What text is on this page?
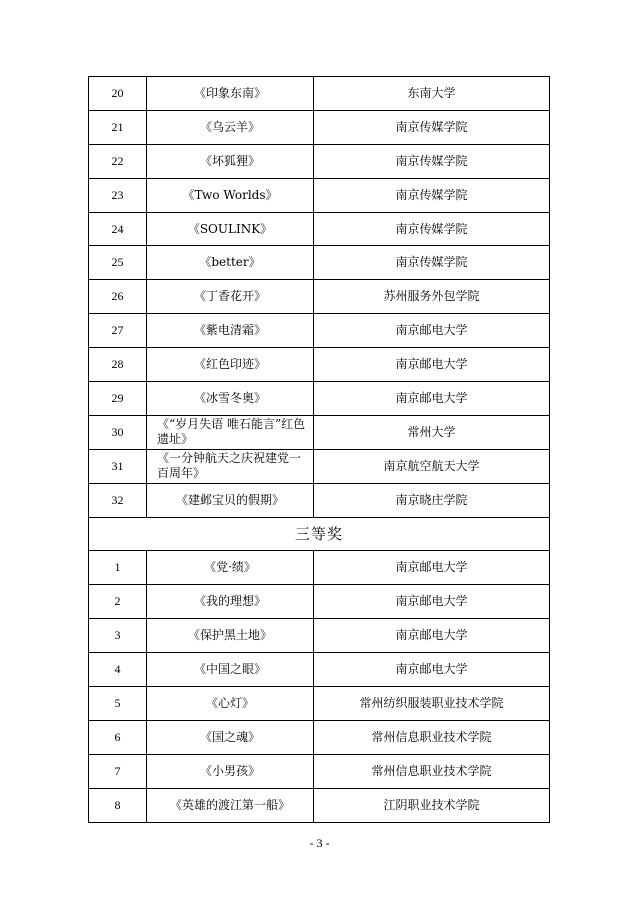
20	《印象东南》	东南大学
21	《乌云羊》	南京传媒学院
22	《坏狐狸》	南京传媒学院
23	《Two Worlds》	南京传媒学院
24	《SOULINK》	南京传媒学院
25	《better》	南京传媒学院
26	《丁香花开》	苏州服务外包学院
27	《紫电清霜》	南京邮电大学
28	《红色印迹》	南京邮电大学
29	《冰雪冬奥》	南京邮电大学
30	《“岁月失语 唯石能言”红色遗址》	常州大学
31	《一分钟航天之庆祝建党一百周年》	南京航空航天大学
32	《建邺宝贝的假期》	南京晓庄学院
三等奖		
1	《党·绩》	南京邮电大学
2	《我的理想》	南京邮电大学
3	《保护黑土地》	南京邮电大学
4	《中国之眼》	南京邮电大学
5	《心灯》	常州纺织服装职业技术学院
6	《国之魂》	常州信息职业技术学院
7	《小男孩》	常州信息职业技术学院
8	《英雄的渡江第一船》	江阴职业技术学院
- 3 -
